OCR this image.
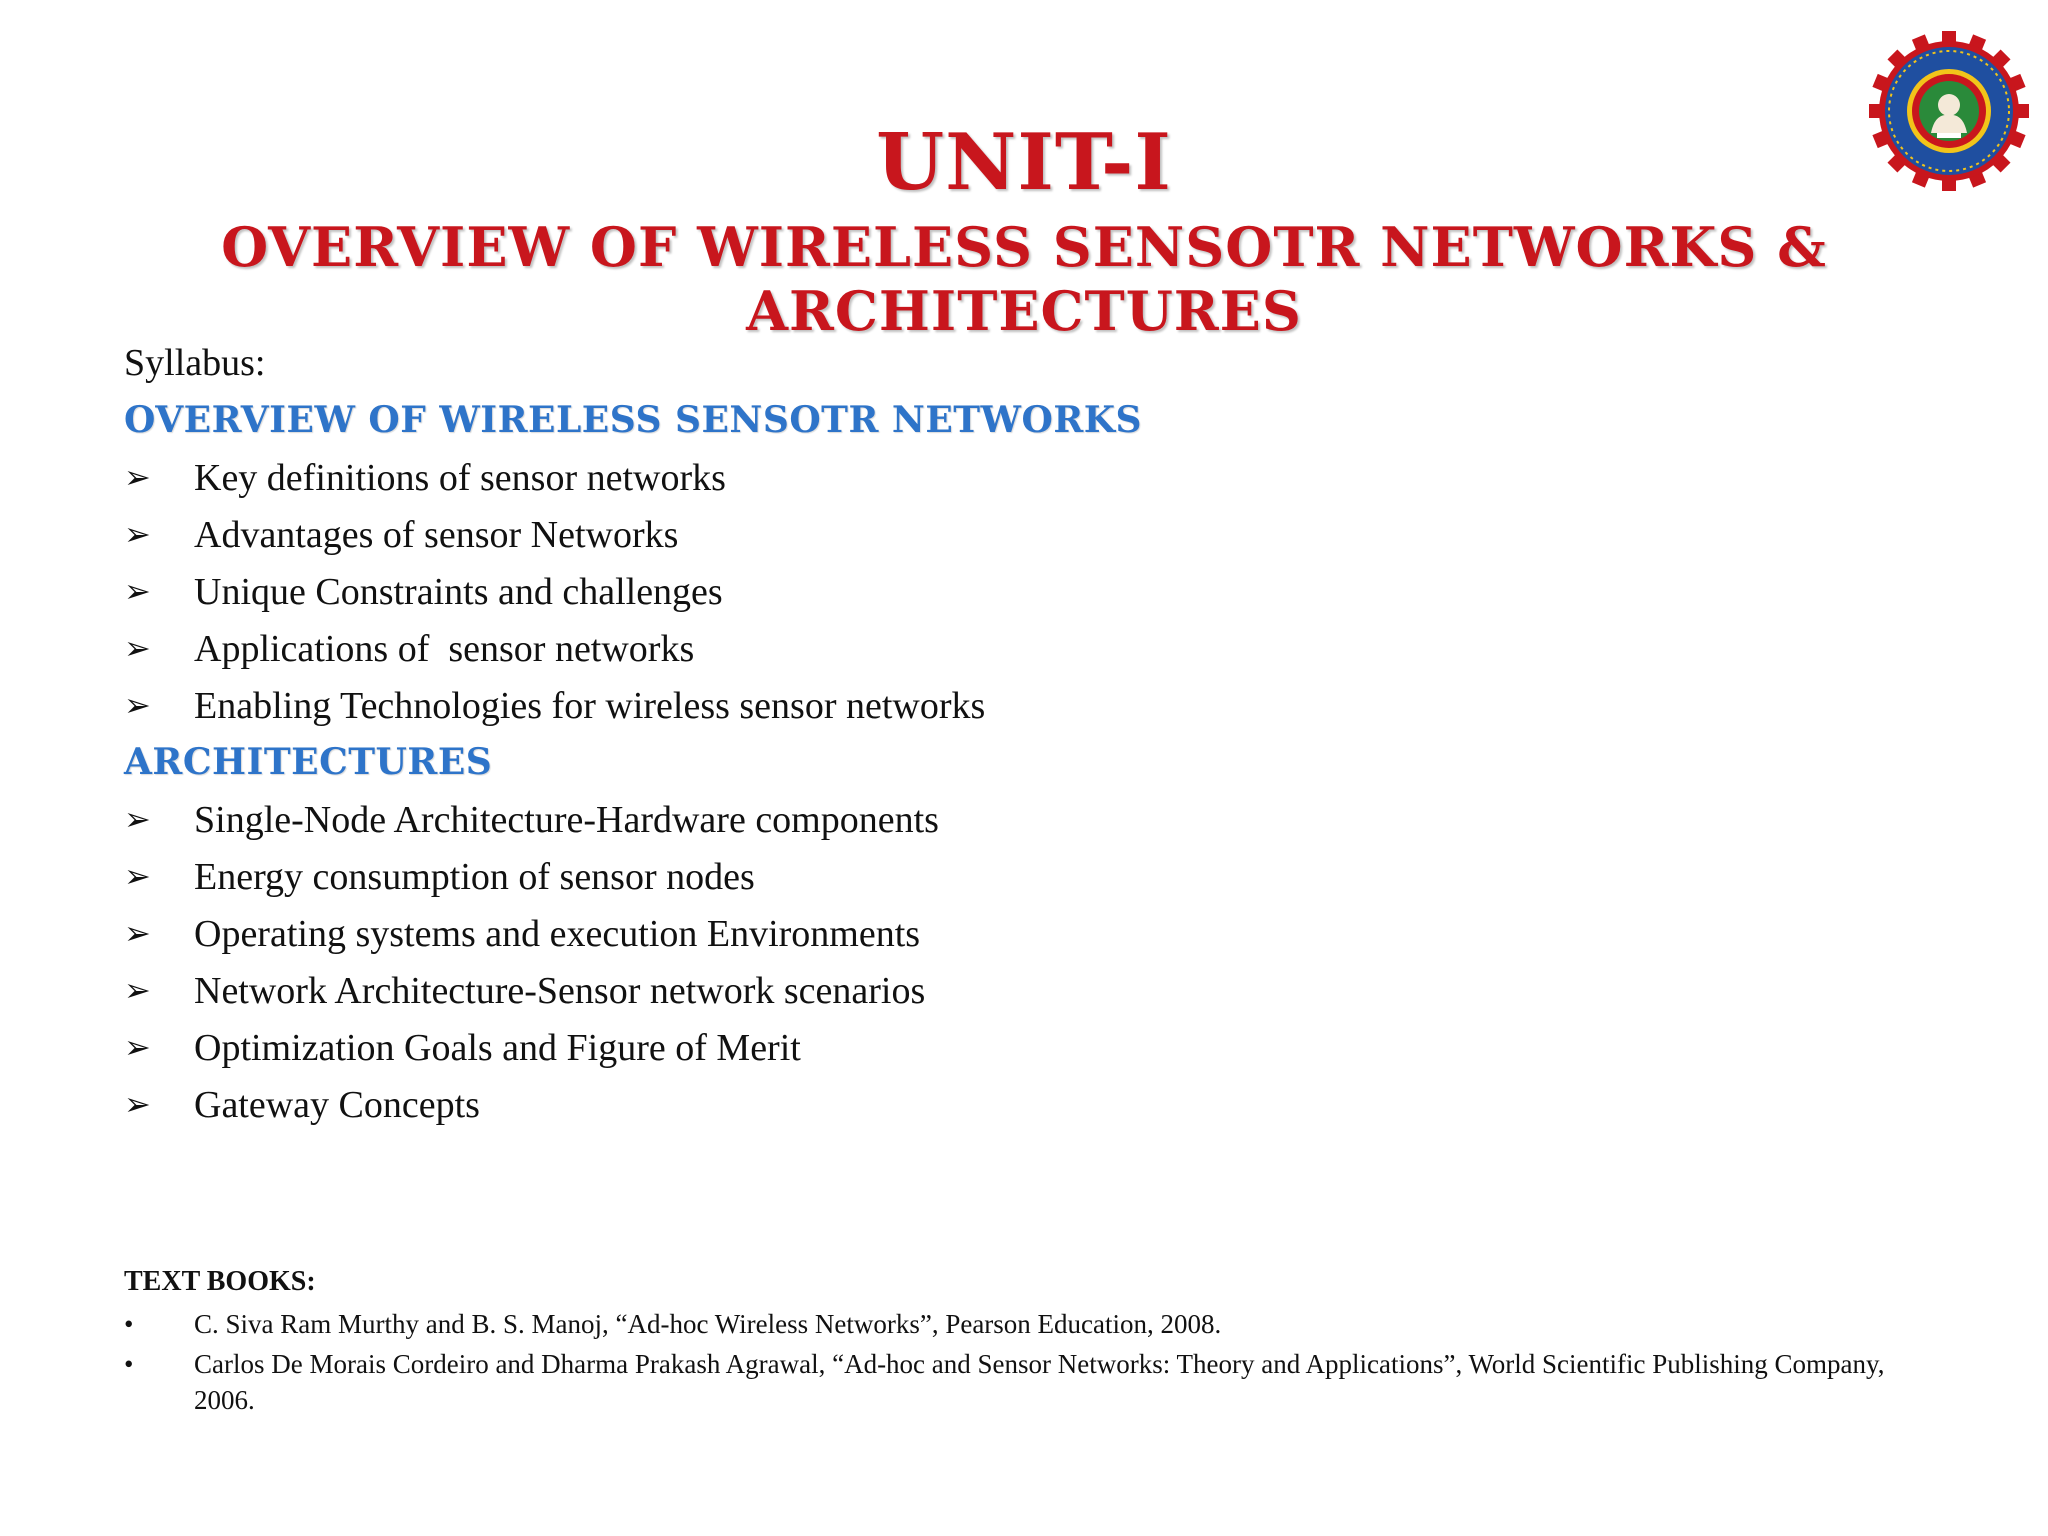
UNIT-I
OVERVIEW OF WIRELESS SENSOTR NETWORKS & ARCHITECTURES
Syllabus:
OVERVIEW OF WIRELESS SENSOTR NETWORKS
➢	Key definitions of sensor networks
➢	Advantages of sensor Networks
➢	Unique Constraints and challenges
➢	Applications of  sensor networks
➢	Enabling Technologies for wireless sensor networks
ARCHITECTURES
➢	Single-Node Architecture-Hardware components
➢	Energy consumption of sensor nodes
➢	Operating systems and execution Environments
➢	Network Architecture-Sensor network scenarios
➢	Optimization Goals and Figure of Merit
➢	Gateway Concepts
TEXT BOOKS:
•	C. Siva Ram Murthy and B. S. Manoj, “Ad-hoc Wireless Networks”, Pearson Education, 2008.
•	Carlos De Morais Cordeiro and Dharma Prakash Agrawal, “Ad-hoc and Sensor Networks: Theory and Applications”, World Scientific Publishing Company, 2006.
